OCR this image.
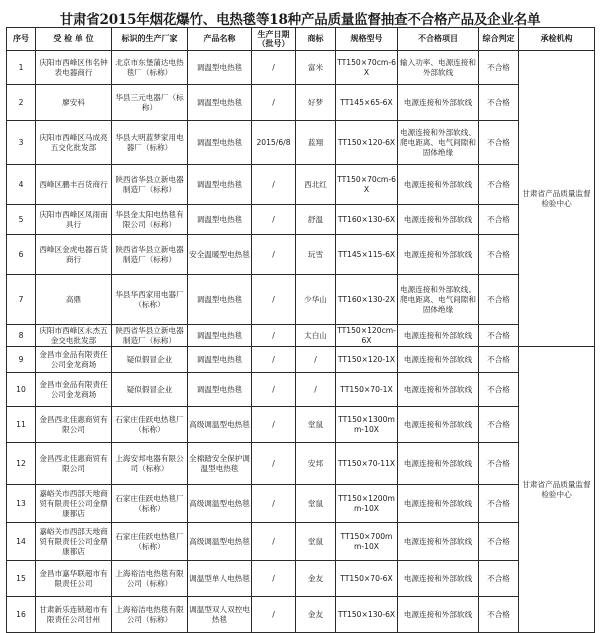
甘肃省2015年烟花爆竹、电热毯等18种产品质量监督抽查不合格产品及企业名单
序号	受 检 单 位	标识的生产厂家	产品名称	生产日期（批号）	商标	规格型号	不合格项目	综合判定	承检机构
1	庆阳市西峰区伟名钟表电器商行	北京市东堡蒲达电热毯厂（标称）	调温型电热毯	/	富米	TT150×70cm-6X	输入功率、电源连接和外部软线	不合格	甘肃省产品质量监督检验中心
2	廖安科	华县三元电器厂（标称）	调温型电热毯	/	好梦	TT145×65-6X	电源连接和外部软线	不合格	
3	庆阳市西峰区马成亮五交化批发部	华县大明蓝梦家用电器厂（标称）	调温型电热毯	2015/6/8	蓝翔	TT150×120-6X	电源连接和外部软线、爬电距离、电气间隙和固体绝缘	不合格	
4	西峰区鹏丰百货商行	陕西省华县立新电器制造厂（标称）	调温型电热毯	/	西北红	TT150×70cm-6X	电源连接和外部软线	不合格	
5	庆阳市西峰区凤雨南具行	华县金太阳电热毯有限公司（标称）	调温型电热毯	/	舒温	TT160×130-6X	电源连接和外部软线	不合格	
6	西峰区金虎电器百货商行	陕西省华县立新电器制造厂（标称）	安全温暖型电热毯	/	玩雪	TT145×115-6X	电源连接和外部软线	不合格	
7	高鼎	华县华西家用电器厂（标称）	调温型电热毯	/	少华山	TT160×130-2X	电源连接和外部软线、爬电距离、电气间隙和固体绝缘	不合格	
8	庆阳市西峰区永杰五金交电批发部	陕西省华县立新电器制造厂（标称）	调温型电热毯	/	太白山	TT150×120cm-6X	电源连接和外部软线	不合格	
9	金昌市金品有限责任公司金龙商场	疑似假冒企业	调温型电热毯	/	/	TT150×120-1X	电源连接和外部软线	不合格	甘肃省产品质量监督检验中心
10	金昌市金品有限责任公司金龙商场	疑似假冒企业	调温型电热毯	/	/	TT150×70-1X	电源连接和外部软线	不合格	
11	金昌西北佳惠商贸有限公司	石家庄佳跃电热毯厂（标称）	高级调温型电热毯	/	堂鼠	TT150×1300mm-10X	电源连接和外部软线	不合格	
12	金昌西北佳惠商贸有限公司	上海安邦电器有限公司（标称）	全棉踏安全保护调温型电热毯	/	安邦	TT150×70-11X	电源连接和外部软线	不合格	
13	嘉峪关市西部天地商贸有限责任公司金鼎康都店	石家庄佳跃电热毯厂（标称）	高级调温型电热毯	/	堂鼠	TT150×1200mm-10X	电源连接和外部软线	不合格	
14	嘉峪关市西部天地商贸有限责任公司金鼎康都店	石家庄佳跃电热毯厂（标称）	高级调温型电热毯	/	堂鼠	TT150×700mm-10X	电源连接和外部软线	不合格	
15	金昌市嘉华联超市有限责任公司	上海裕洁电热毯有限公司（标称）	调温型单人电热毯	/	金友	TT150×70-6X	电源连接和外部软线	不合格	
16	甘肃新乐连锁超市有限责任公司甘州	上海裕洁电热毯有限公司（标称）	调温型双人双控电热毯	/	金友	TT150×130-6X	电源连接和外部软线	不合格	
